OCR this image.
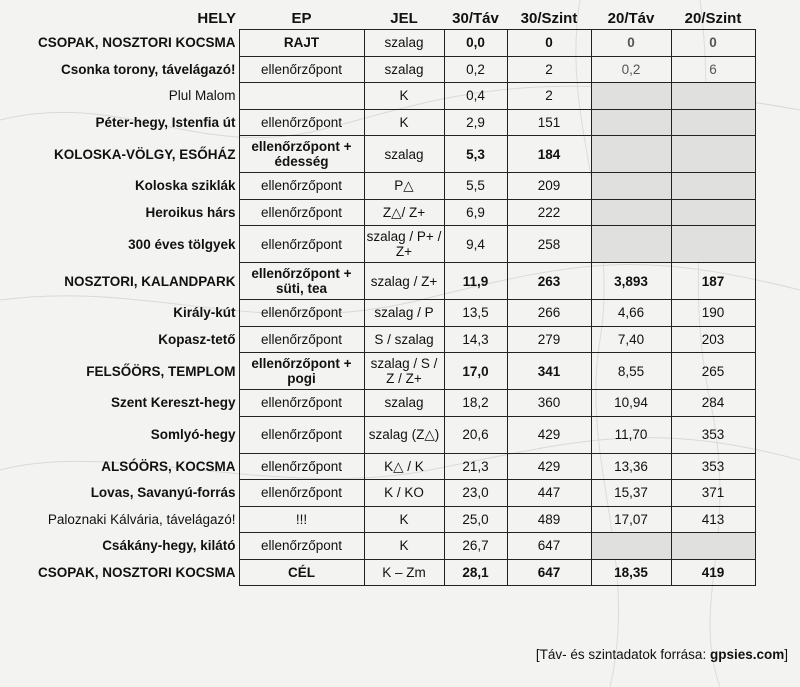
HELY	EP	JEL	30/Táv	30/Szint	20/Táv	20/Szint
CSOPAK, NOSZTORI KOCSMA	RAJT	szalag	0,0	0	0	0
Csonka torony, távelágazó!	ellenőrzőpont	szalag	0,2	2	0,2	6
Plul Malom		K	0,4	2		
Péter-hegy, Istenfia út	ellenőrzőpont	K	2,9	151		
KOLOSKA-VÖLGY, ESŐHÁZ	ellenőrzőpont + édesség	szalag	5,3	184		
Koloska sziklák	ellenőrzőpont	P△	5,5	209		
Heroikus hárs	ellenőrzőpont	Z△/ Z+	6,9	222		
300 éves tölgyek	ellenőrzőpont	szalag / P+ / Z+	9,4	258		
NOSZTORI, KALANDPARK	ellenőrzőpont + süti, tea	szalag / Z+	11,9	263	3,893	187
Király-kút	ellenőrzőpont	szalag / P	13,5	266	4,66	190
Kopasz-tető	ellenőrzőpont	S / szalag	14,3	279	7,40	203
FELSŐÖRS, TEMPLOM	ellenőrzőpont + pogi	szalag / S / Z / Z+	17,0	341	8,55	265
Szent Kereszt-hegy	ellenőrzőpont	szalag	18,2	360	10,94	284
Somlyó-hegy	ellenőrzőpont	szalag (Z△)	20,6	429	11,70	353
ALSÓÖRS, KOCSMA	ellenőrzőpont	K△ / K	21,3	429	13,36	353
Lovas, Savanyú-forrás	ellenőrzőpont	K / KO	23,0	447	15,37	371
Paloznaki Kálvária, távelágazó!	!!!	K	25,0	489	17,07	413
Csákány-hegy, kilátó	ellenőrzőpont	K	26,7	647		
CSOPAK, NOSZTORI KOCSMA	CÉL	K – Zm	28,1	647	18,35	419
[Táv- és szintadatok forrása: gpsies.com]
